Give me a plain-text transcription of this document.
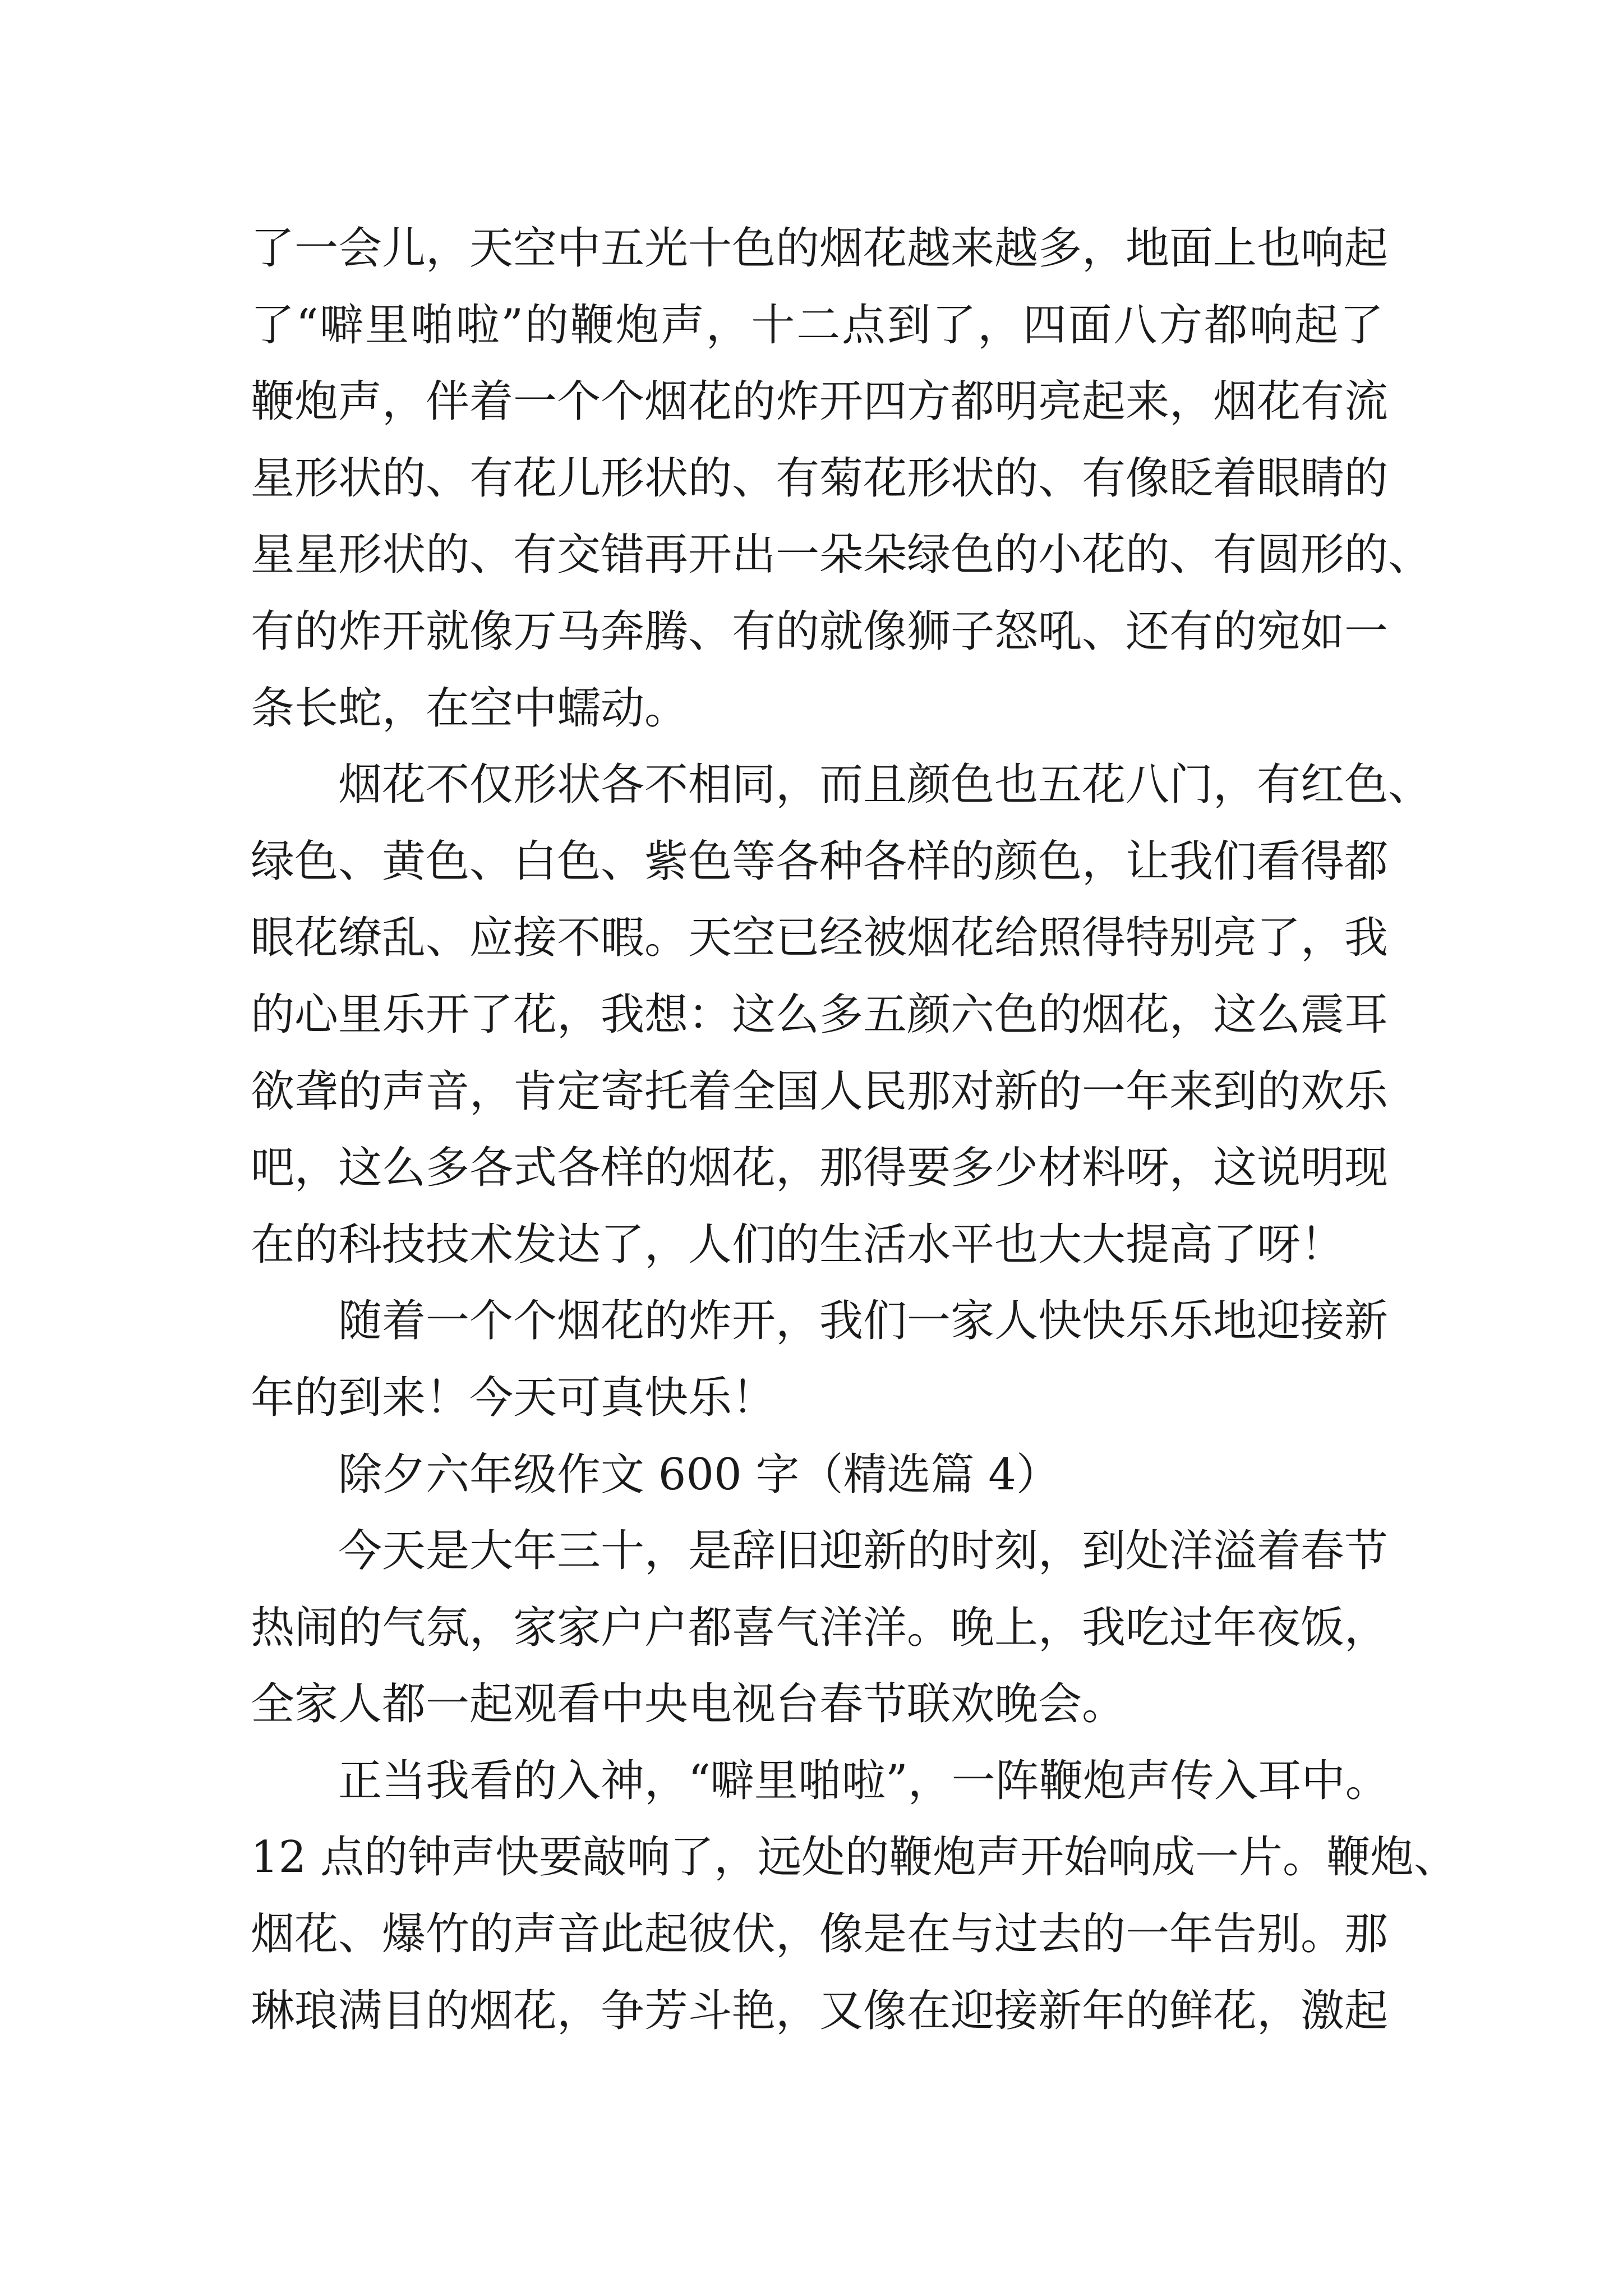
了一会儿，天空中五光十色的烟花越来越多，地面上也响起
了“噼里啪啦”的鞭炮声，十二点到了，四面八方都响起了
鞭炮声，伴着一个个烟花的炸开四方都明亮起来，烟花有流
星形状的、有花儿形状的、有菊花形状的、有像眨着眼睛的
星星形状的、有交错再开出一朵朵绿色的小花的、有圆形的、
有的炸开就像万马奔腾、有的就像狮子怒吼、还有的宛如一
条长蛇，在空中蠕动。
烟花不仅形状各不相同，而且颜色也五花八门，有红色、
绿色、黄色、白色、紫色等各种各样的颜色，让我们看得都
眼花缭乱、应接不暇。天空已经被烟花给照得特别亮了，我
的心里乐开了花，我想：这么多五颜六色的烟花，这么震耳
欲聋的声音，肯定寄托着全国人民那对新的一年来到的欢乐
吧，这么多各式各样的烟花，那得要多少材料呀，这说明现
在的科技技术发达了，人们的生活水平也大大提高了呀！
随着一个个烟花的炸开，我们一家人快快乐乐地迎接新
年的到来！今天可真快乐！
除夕六年级作文 600 字（精选篇 4）
今天是大年三十，是辞旧迎新的时刻，到处洋溢着春节
热闹的气氛，家家户户都喜气洋洋。晚上，我吃过年夜饭，
全家人都一起观看中央电视台春节联欢晚会。
正当我看的入神，“噼里啪啦”，一阵鞭炮声传入耳中。
12 点的钟声快要敲响了，远处的鞭炮声开始响成一片。鞭炮、
烟花、爆竹的声音此起彼伏，像是在与过去的一年告别。那
琳琅满目的烟花，争芳斗艳，又像在迎接新年的鲜花，激起
